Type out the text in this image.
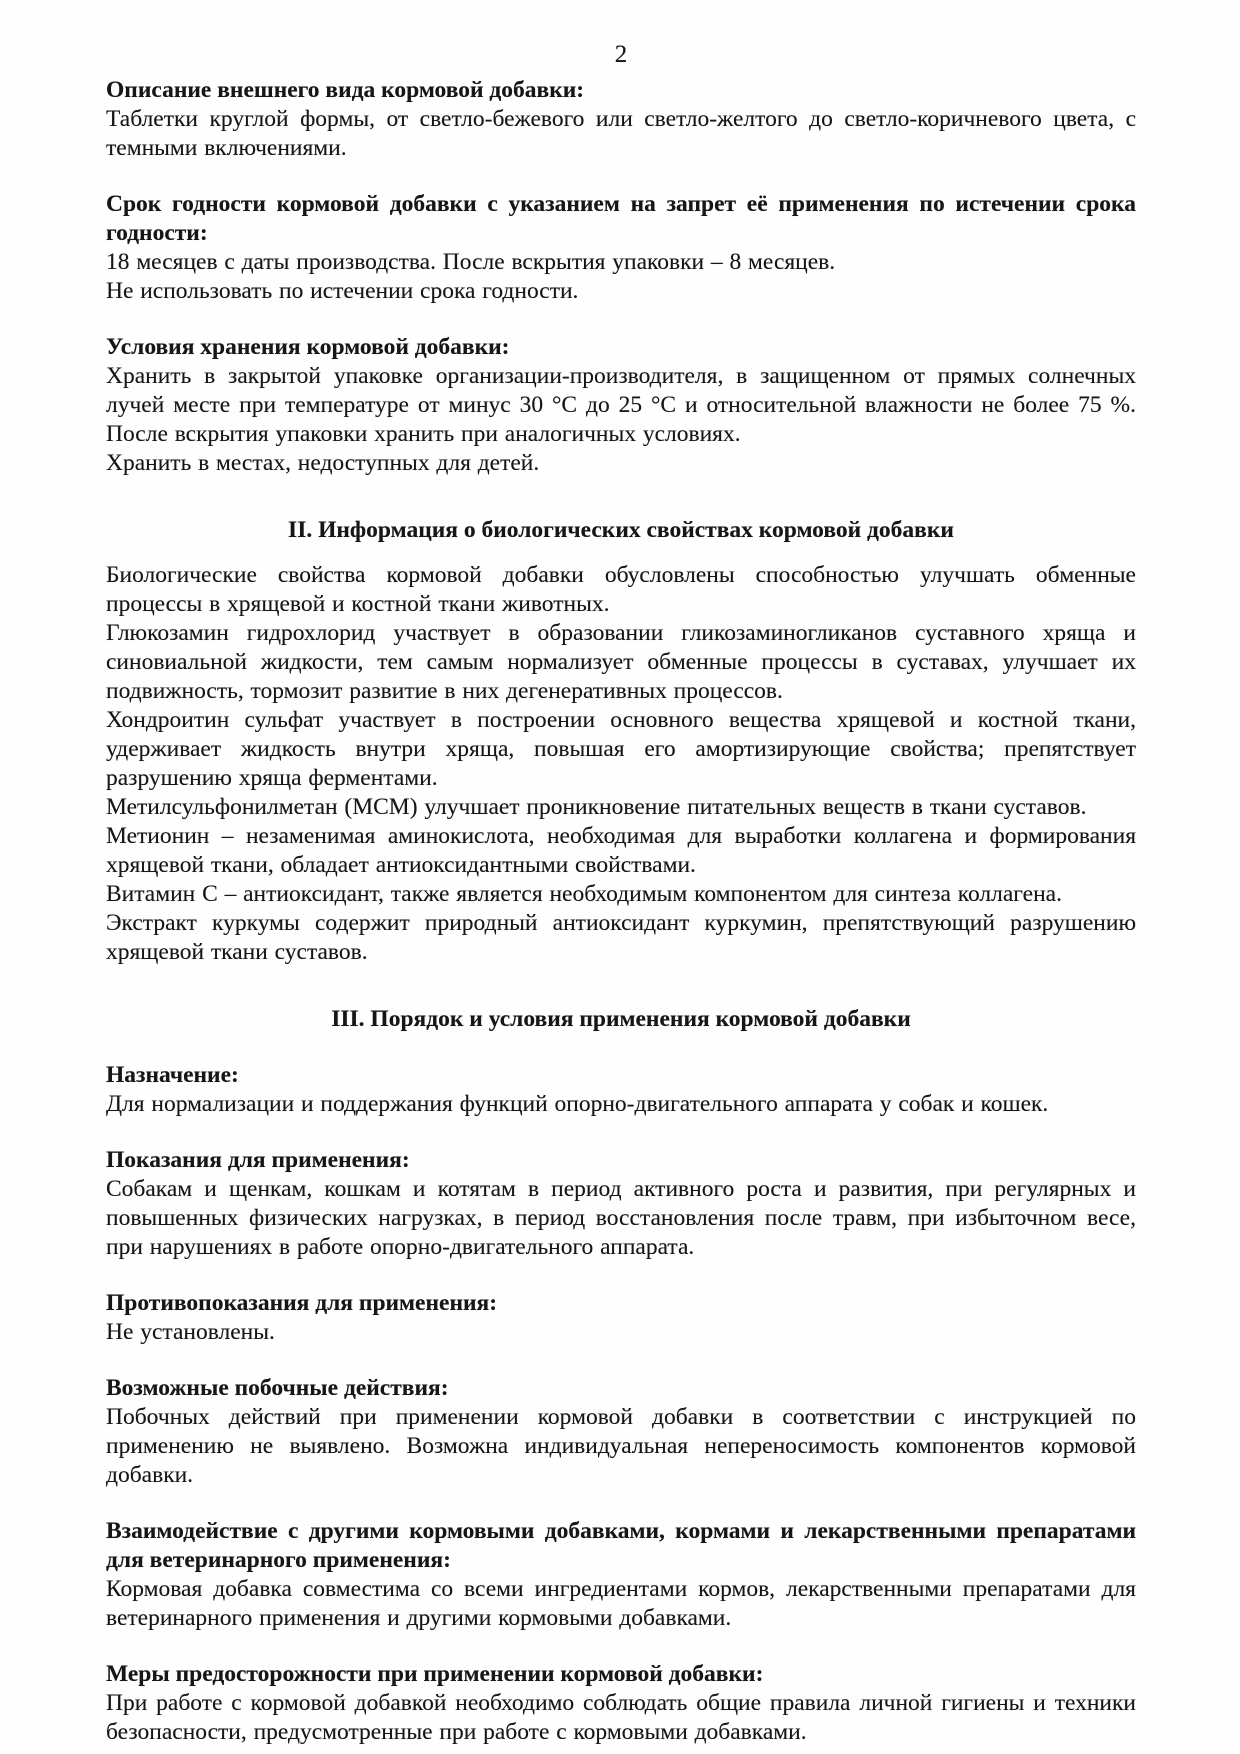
2
Описание внешнего вида кормовой добавки:

Таблетки круглой формы, от светло-бежевого или светло-желтого до светло-коричневого цвета, с темными включениями.

Срок годности кормовой добавки с указанием на запрет её применения по истечении срока годности:

18 месяцев с даты производства. После вскрытия упаковки – 8 месяцев.

Не использовать по истечении срока годности.

Условия хранения кормовой добавки:

Хранить в закрытой упаковке организации-производителя, в защищенном от прямых солнечных лучей месте при температуре от минус 30 °С до 25 °С и относительной влажности не более 75 %. После вскрытия упаковки хранить при аналогичных условиях.

Хранить в местах, недоступных для детей.

II. Информация о биологических свойствах кормовой добавки

Биологические свойства кормовой добавки обусловлены способностью улучшать обменные процессы в хрящевой и костной ткани животных.

Глюкозамин гидрохлорид участвует в образовании гликозаминогликанов суставного хряща и синовиальной жидкости, тем самым нормализует обменные процессы в суставах, улучшает их подвижность, тормозит развитие в них дегенеративных процессов.

Хондроитин сульфат участвует в построении основного вещества хрящевой и костной ткани, удерживает жидкость внутри хряща, повышая его амортизирующие свойства; препятствует разрушению хряща ферментами.

Метилсульфонилметан (МСМ) улучшает проникновение питательных веществ в ткани суставов.

Метионин – незаменимая аминокислота, необходимая для выработки коллагена и формирования хрящевой ткани, обладает антиоксидантными свойствами.

Витамин С – антиоксидант, также является необходимым компонентом для синтеза коллагена.

Экстракт куркумы содержит природный антиоксидант куркумин, препятствующий разрушению хрящевой ткани суставов.

III. Порядок и условия применения кормовой добавки
Назначение:

Для нормализации и поддержания функций опорно-двигательного аппарата у собак и кошек.

Показания для применения:

Собакам и щенкам, кошкам и котятам в период активного роста и развития, при регулярных и повышенных физических нагрузках, в период восстановления после травм, при избыточном весе, при нарушениях в работе опорно-двигательного аппарата.

Противопоказания для применения:

Не установлены.

Возможные побочные действия:

Побочных действий при применении кормовой добавки в соответствии с инструкцией по применению не выявлено. Возможна индивидуальная непереносимость компонентов кормовой добавки.

Взаимодействие с другими кормовыми добавками, кормами и лекарственными препаратами для ветеринарного применения:

Кормовая добавка совместима со всеми ингредиентами кормов, лекарственными препаратами для ветеринарного применения и другими кормовыми добавками.

Меры предосторожности при применении кормовой добавки:

При работе с кормовой добавкой необходимо соблюдать общие правила личной гигиены и техники безопасности, предусмотренные при работе с кормовыми добавками.
